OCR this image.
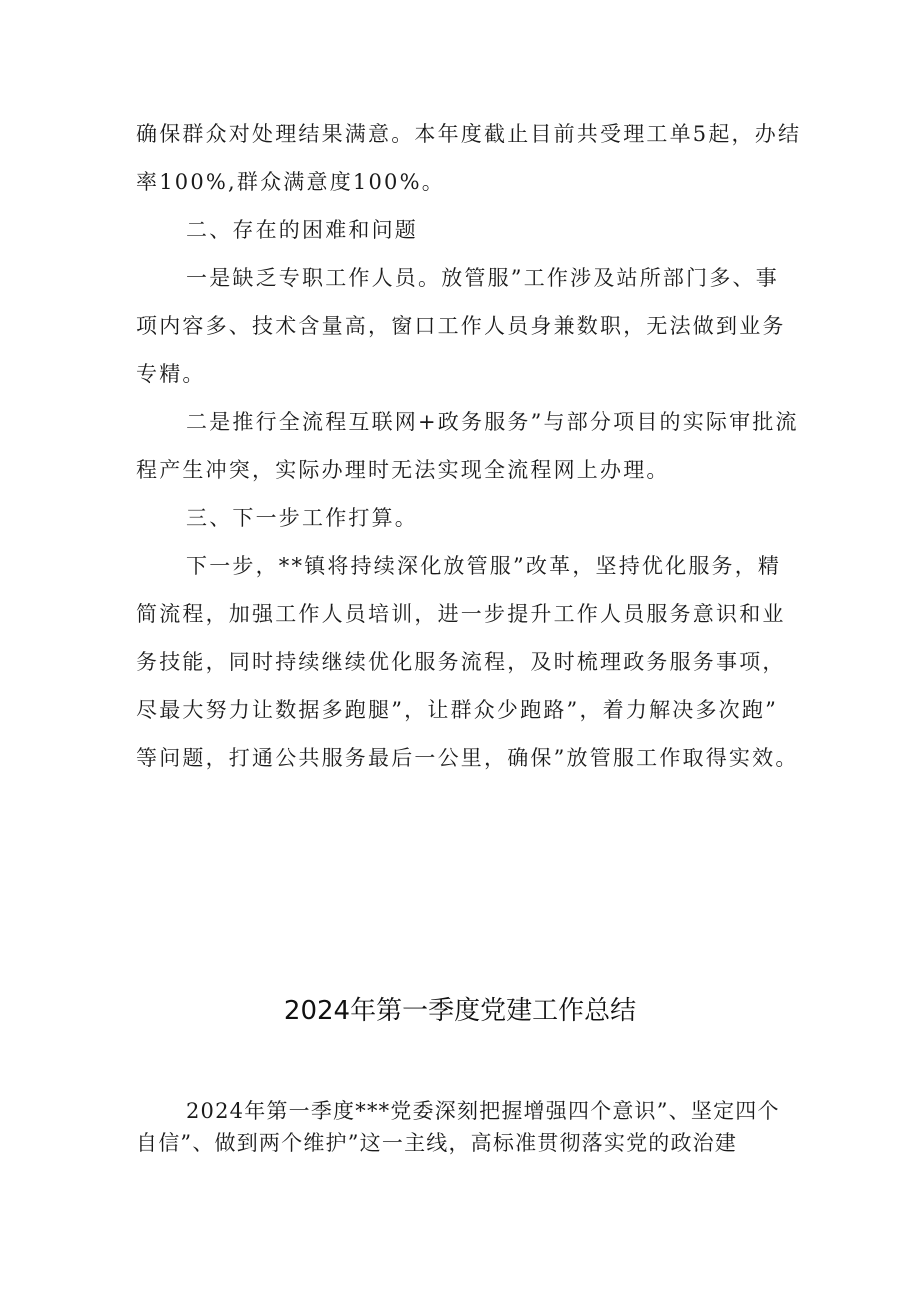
确保群众对处理结果满意。本年度截止目前共受理工单5起，办结
率100%,群众满意度100%。
二、存在的困难和问题
一是缺乏专职工作人员。放管服”工作涉及站所部门多、事
项内容多、技术含量高，窗口工作人员身兼数职，无法做到业务
专精。
二是推行全流程互联网+政务服务”与部分项目的实际审批流
程产生冲突，实际办理时无法实现全流程网上办理。
三、下一步工作打算。
下一步，**镇将持续深化放管服”改革，坚持优化服务，精
简流程，加强工作人员培训，进一步提升工作人员服务意识和业
务技能，同时持续继续优化服务流程，及时梳理政务服务事项，
尽最大努力让数据多跑腿”，让群众少跑路”，着力解决多次跑”
等问题，打通公共服务最后一公里，确保”放管服工作取得实效。
2024年第一季度党建工作总结
2024年第一季度***党委深刻把握增强四个意识”、坚定四个
自信”、做到两个维护”这一主线，高标准贯彻落实党的政治建
